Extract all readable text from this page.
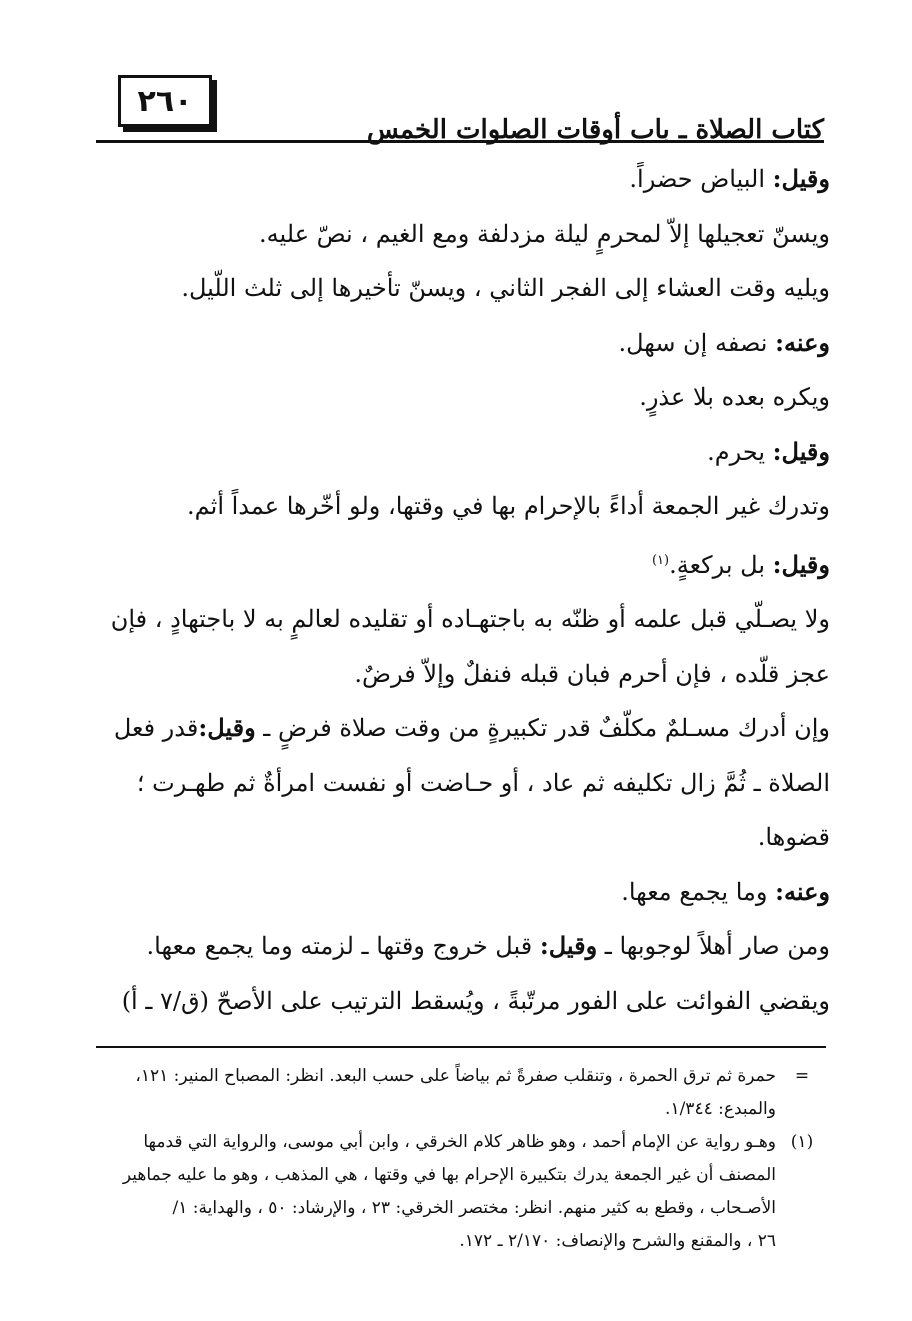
٢٦٠
كتاب الصلاة ـ باب أوقات الصلوات الخمس
وقيل: البياض حضراً.
ويسنّ تعجيلها إلاّ لمحرمٍ ليلة مزدلفة ومع الغيم ، نصّ عليه.
ويليه وقت العشاء إلى الفجر الثاني ، ويسنّ تأخيرها إلى ثلث اللّيل.
وعنه: نصفه إن سهل.
ويكره بعده بلا عذرٍ.
وقيل: يحرم.
وتدرك غير الجمعة أداءً بالإحرام بها في وقتها، ولو أخّرها عمداً أثم.
وقيل: بل بركعةٍ.$^{(١)}$
ولا يصـلّي قبل علمه أو ظنّه به باجتهـاده أو تقليده لعالمٍ به لا باجتهادٍ ، فإن
عجز قلّده ، فإن أحرم فبان قبله فنفلٌ وإلاّ فرضٌ.
وإن أدرك مسـلمٌ مكلّفٌ قدر تكبيرةٍ من وقت صلاة فرضٍ ـ وقيل:قدر فعل
الصلاة ـ ثُمَّ زال تكليفه ثم عاد ، أو حـاضت أو نفست امرأةٌ ثم طهـرت ؛
قضوها.
وعنه: وما يجمع معها.
ومن صار أهلاً لوجوبها ـ وقيل: قبل خروج وقتها ـ لزمته وما يجمع معها.
ويقضي الفوائت على الفور مرتّبةً ، ويُسقط الترتيب على الأصحّ (ق/٧ ـ أ)
=
حمرة ثم ترق الحمرة ، وتنقلب صفرةً ثم بياضاً على حسب البعد. انظر: المصباح المنير: ١٢١،
والمبدع: ١/٣٤٤.
(١)
وهـو رواية عن الإمام أحمد ، وهو ظاهر كلام الخرقي ، وابن أبي موسى، والرواية التي قدمها
المصنف أن غير الجمعة يدرك بتكبيرة الإحرام بها في وقتها ، هي المذهب ، وهو ما عليه جماهير
الأصـحاب ، وقطع به كثير منهم. انظر: مختصر الخرقي: ٢٣ ، والإرشاد: ٥٠ ، والهداية: ١/
٢٦ ، والمقنع والشرح والإنصاف: ٢/١٧٠ ـ ١٧٢.
